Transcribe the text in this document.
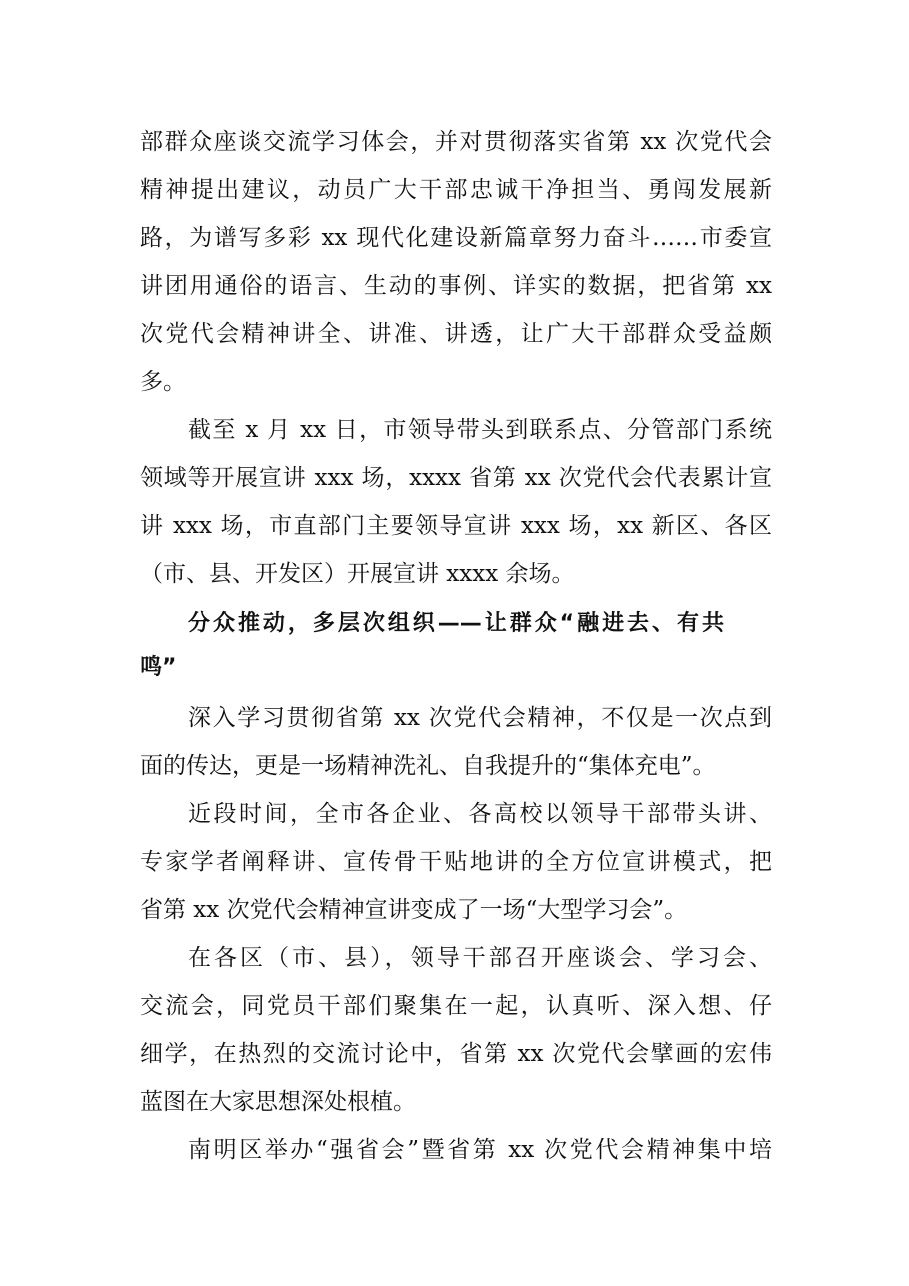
部群众座谈交流学习体会，并对贯彻落实省第 xx 次党代会
精神提出建议，动员广大干部忠诚干净担当、勇闯发展新
路，为谱写多彩 xx 现代化建设新篇章努力奋斗……市委宣
讲团用通俗的语言、生动的事例、详实的数据，把省第 xx
次党代会精神讲全、讲准、讲透，让广大干部群众受益颇
多。
截至 x 月 xx 日，市领导带头到联系点、分管部门系统
领域等开展宣讲 xxx 场，xxxx 省第 xx 次党代会代表累计宣
讲 xxx 场，市直部门主要领导宣讲 xxx 场，xx 新区、各区
（市、县、开发区）开展宣讲 xxxx 余场。
分众推动，多层次组织——让群众“融进去、有共
鸣”
深入学习贯彻省第 xx 次党代会精神，不仅是一次点到
面的传达，更是一场精神洗礼、自我提升的“集体充电”。
近段时间，全市各企业、各高校以领导干部带头讲、
专家学者阐释讲、宣传骨干贴地讲的全方位宣讲模式，把
省第 xx 次党代会精神宣讲变成了一场“大型学习会”。
在各区（市、县），领导干部召开座谈会、学习会、
交流会，同党员干部们聚集在一起，认真听、深入想、仔
细学，在热烈的交流讨论中，省第 xx 次党代会擘画的宏伟
蓝图在大家思想深处根植。
南明区举办“强省会”暨省第 xx 次党代会精神集中培
